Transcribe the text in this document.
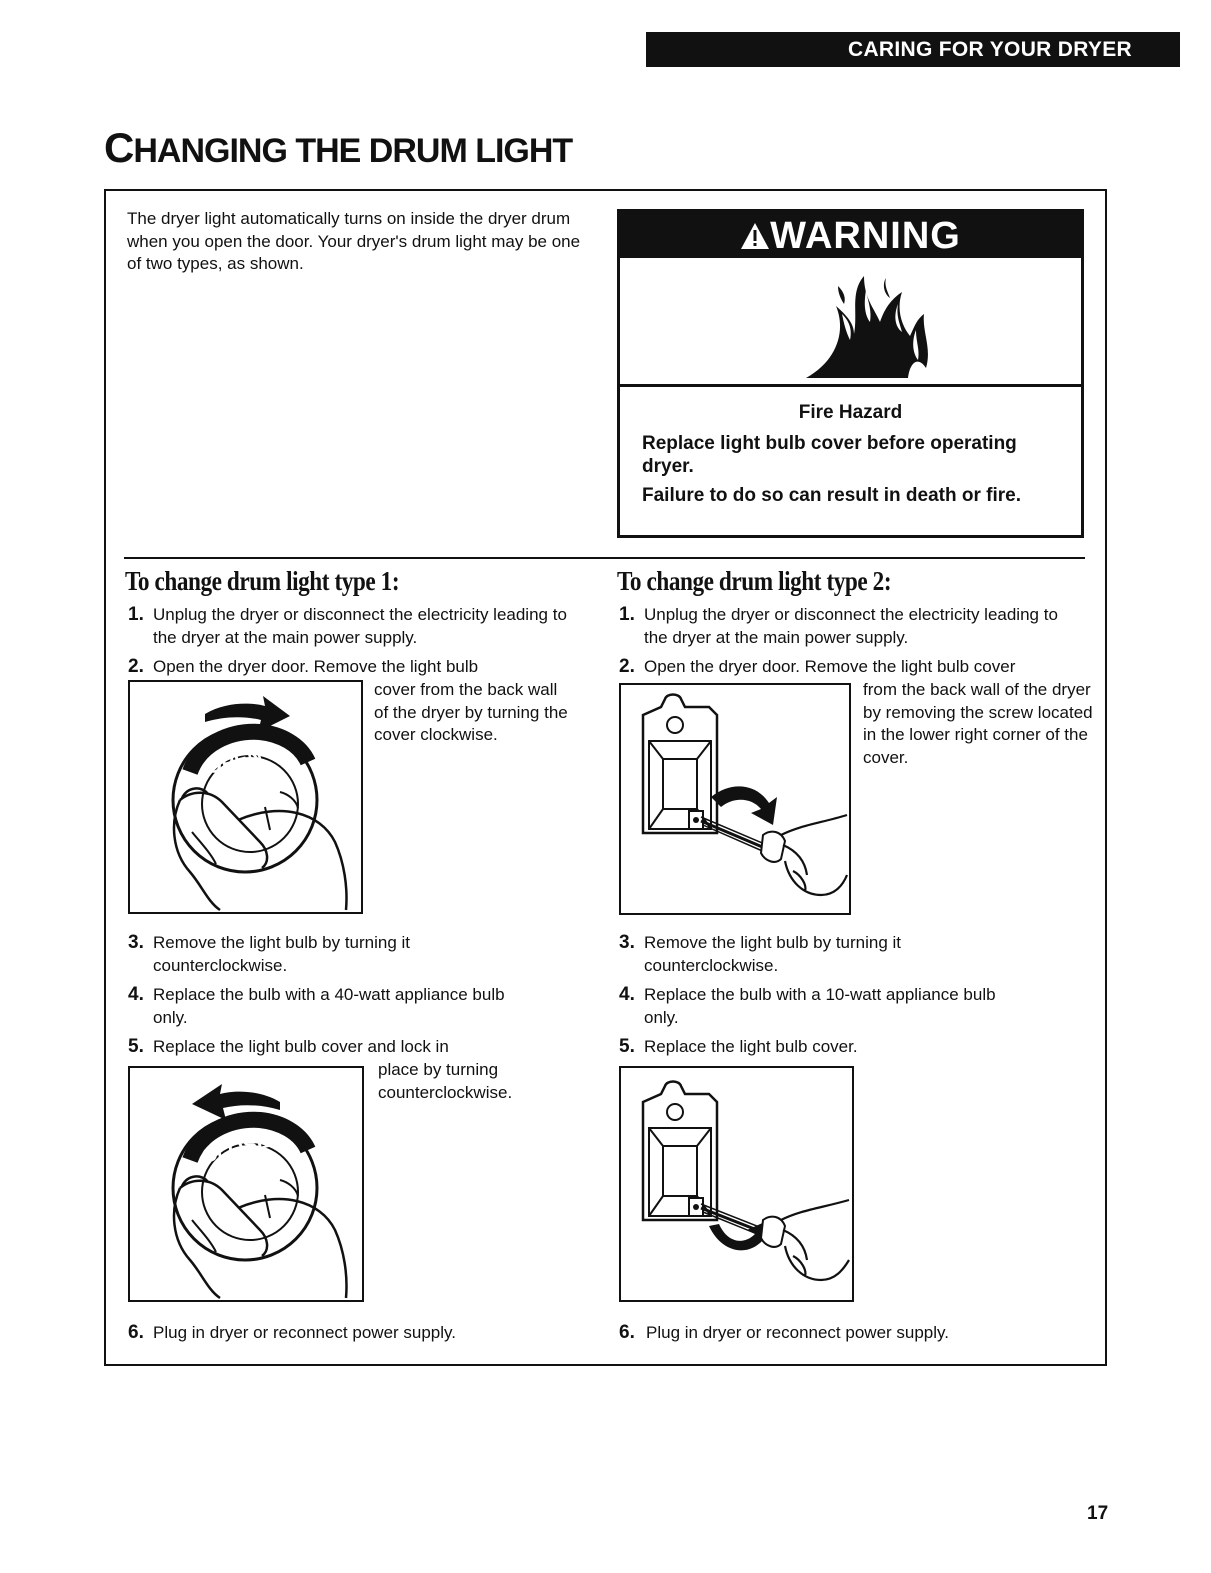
CARING FOR YOUR DRYER
CHANGING THE DRUM LIGHT
The dryer light automatically turns on inside the dryer drum when you open the door. Your dryer's drum light may be one of two types, as shown.
WARNING
Fire Hazard
Replace light bulb cover before operating dryer.
Failure to do so can result in death or fire.
To change drum light type 1:
1. Unplug the dryer or disconnect the electricity leading to the dryer at the main power supply.
2. Open the dryer door. Remove the light bulb
cover from the back wall of the dryer by turning the cover clockwise.
OPEN
3. Remove the light bulb by turning it counterclockwise.
4. Replace the bulb with a 40-watt appliance bulb only.
5. Replace the light bulb cover and lock in
place by turning counterclockwise.
CLOSE
6. Plug in dryer or reconnect power supply.
To change drum light type 2:
1. Unplug the dryer or disconnect the electricity leading to the dryer at the main power supply.
2. Open the dryer door. Remove the light bulb cover
from the back wall of the dryer by removing the screw located in the lower right corner of the cover.
3. Remove the light bulb by turning it counterclockwise.
4. Replace the bulb with a 10-watt appliance bulb only.
5. Replace the light bulb cover.
6. Plug in dryer or reconnect power supply.
17
